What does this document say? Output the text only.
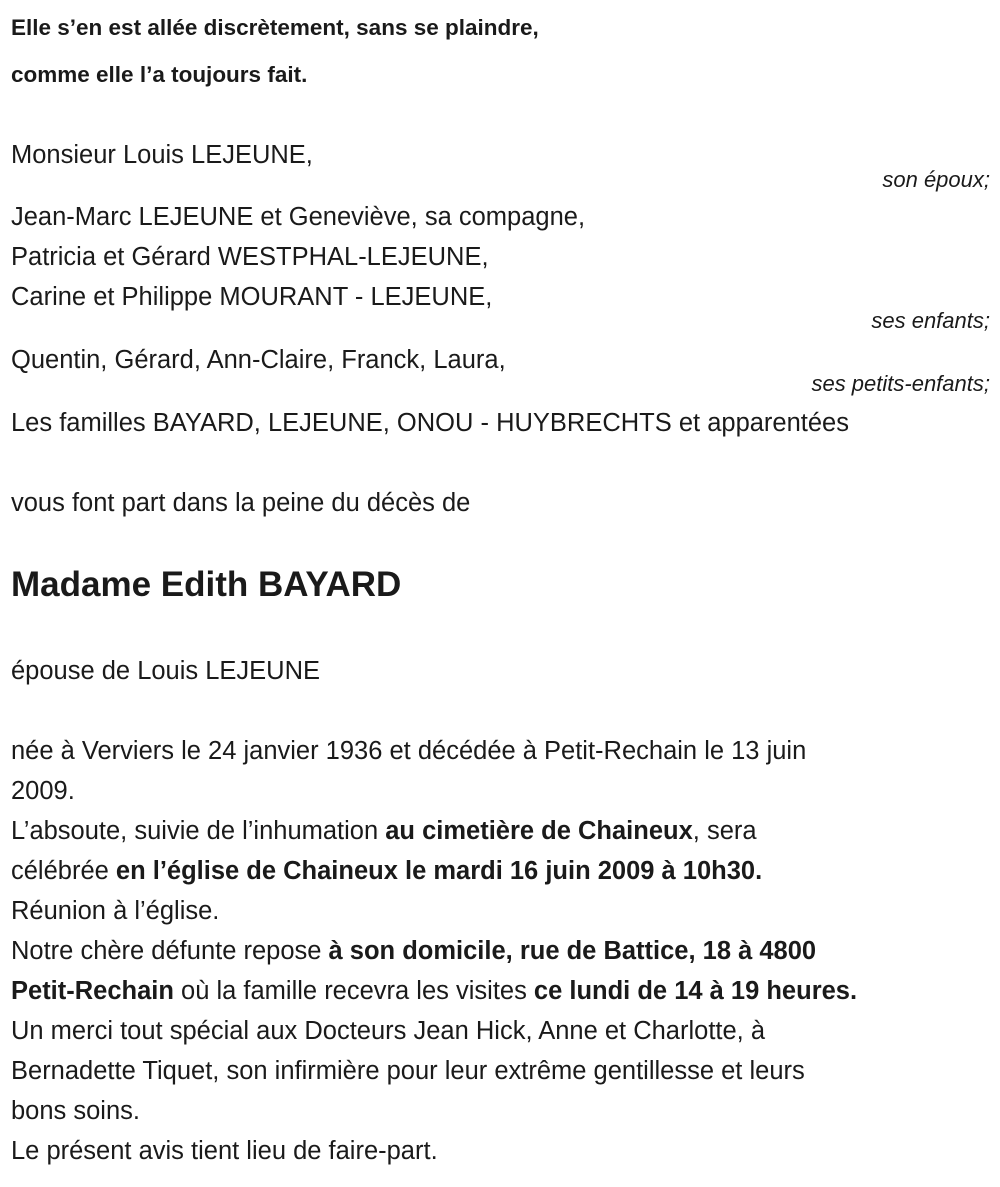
Elle s’en est allée discrètement, sans se plaindre,
comme elle l’a toujours fait.
Monsieur Louis LEJEUNE,
son époux;
Jean-Marc LEJEUNE et Geneviève, sa compagne,
Patricia et Gérard WESTPHAL-LEJEUNE,
Carine et Philippe MOURANT - LEJEUNE,
ses enfants;
Quentin, Gérard, Ann-Claire, Franck, Laura,
ses petits-enfants;
Les familles BAYARD, LEJEUNE, ONOU - HUYBRECHTS et apparentées
vous font part dans la peine du décès de
Madame Edith BAYARD
épouse de Louis LEJEUNE
née à Verviers le 24 janvier 1936 et décédée à Petit-Rechain le 13 juin
2009.
L’absoute, suivie de l’inhumation au cimetière de Chaineux, sera
célébrée en l’église de Chaineux le mardi 16 juin 2009 à 10h30.
Réunion à l’église.
Notre chère défunte repose à son domicile, rue de Battice, 18 à 4800
Petit-Rechain où la famille recevra les visites ce lundi de 14 à 19 heures.
Un merci tout spécial aux Docteurs Jean Hick, Anne et Charlotte, à
Bernadette Tiquet, son infirmière pour leur extrême gentillesse et leurs
bons soins.
Le présent avis tient lieu de faire-part.
